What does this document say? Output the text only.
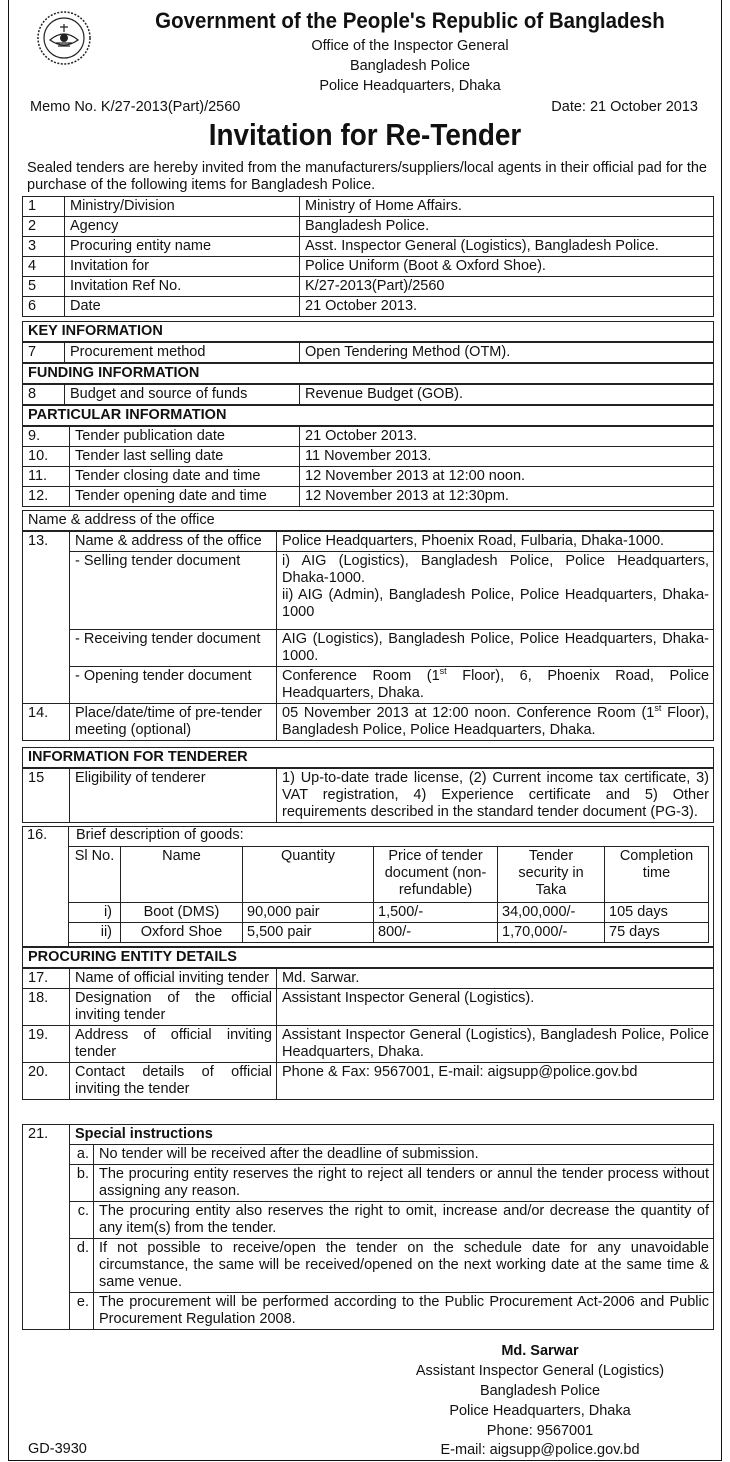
Government of the People's Republic of Bangladesh
Office of the Inspector General
Bangladesh Police
Police Headquarters, Dhaka
Memo No. K/27-2013(Part)/2560	Date: 21 October 2013
Invitation for Re-Tender
Sealed tenders are hereby invited from the manufacturers/suppliers/local agents in their official pad for the purchase of the following items for Bangladesh Police.
1	Ministry/Division	Ministry of Home Affairs.
2	Agency	Bangladesh Police.
3	Procuring entity name	Asst. Inspector General (Logistics), Bangladesh Police.
4	Invitation for	Police Uniform (Boot & Oxford Shoe).
5	Invitation Ref No.	K/27-2013(Part)/2560
6	Date	21 October 2013.
KEY INFORMATION
7	Procurement method	Open Tendering Method (OTM).
FUNDING INFORMATION
8	Budget and source of funds	Revenue Budget (GOB).
PARTICULAR INFORMATION
9.	Tender publication date	21 October 2013.
10.	Tender last selling date	11 November 2013.
11.	Tender closing date and time	12 November 2013 at 12:00 noon.
12.	Tender opening date and time	12 November 2013 at 12:30pm.
Name & address of the office
13.	Name & address of the office	Police Headquarters, Phoenix Road, Fulbaria, Dhaka-1000.
	- Selling tender document	i) AIG (Logistics), Bangladesh Police, Police Headquarters, Dhaka-1000.
ii) AIG (Admin), Bangladesh Police, Police Headquarters, Dhaka-1000

	- Receiving tender document	AIG (Logistics), Bangladesh Police, Police Headquarters, Dhaka-1000.
	- Opening tender document	Conference Room (1st Floor), 6, Phoenix Road, Police Headquarters, Dhaka.
14.	Place/date/time of pre-tender meeting (optional)	05 November 2013 at 12:00 noon. Conference Room (1st Floor), Bangladesh Police, Police Headquarters, Dhaka.
INFORMATION FOR TENDERER
15	Eligibility of tenderer	1) Up-to-date trade license, (2) Current income tax certificate, 3) VAT registration, 4) Experience certificate and 5) Other requirements described in the standard tender document (PG-3).
16.	Brief description of goods:
Sl No.	Name	Quantity	Price of tender document (non-refundable)	Tender security in Taka	Completion time
i)	Boot (DMS)	90,000 pair	1,500/-	34,00,000/-	105 days
ii)	Oxford Shoe	5,500 pair	800/-	1,70,000/-	75 days
PROCURING ENTITY DETAILS
17.	Name of official inviting tender	Md. Sarwar.
18.	Designation of the official inviting tender	Assistant Inspector General (Logistics).
19.	Address of official inviting tender	Assistant Inspector General (Logistics), Bangladesh Police, Police Headquarters, Dhaka.
20.	Contact details of official inviting the tender	Phone & Fax: 9567001, E-mail: aigsupp@police.gov.bd
21.	Special instructions	
	a.	No tender will be received after the deadline of submission.
	b.	The procuring entity reserves the right to reject all tenders or annul the tender process without assigning any reason.
	c.	The procuring entity also reserves the right to omit, increase and/or decrease the quantity of any item(s) from the tender.
	d.	If not possible to receive/open the tender on the schedule date for any unavoidable circumstance, the same will be received/opened on the next working date at the same time & same venue.
	e.	The procurement will be performed according to the Public Procurement Act-2006 and Public Procurement Regulation 2008.
Md. Sarwar
Assistant Inspector General (Logistics)
Bangladesh Police
Police Headquarters, Dhaka
Phone: 9567001
E-mail: aigsupp@police.gov.bd
GD-3930
